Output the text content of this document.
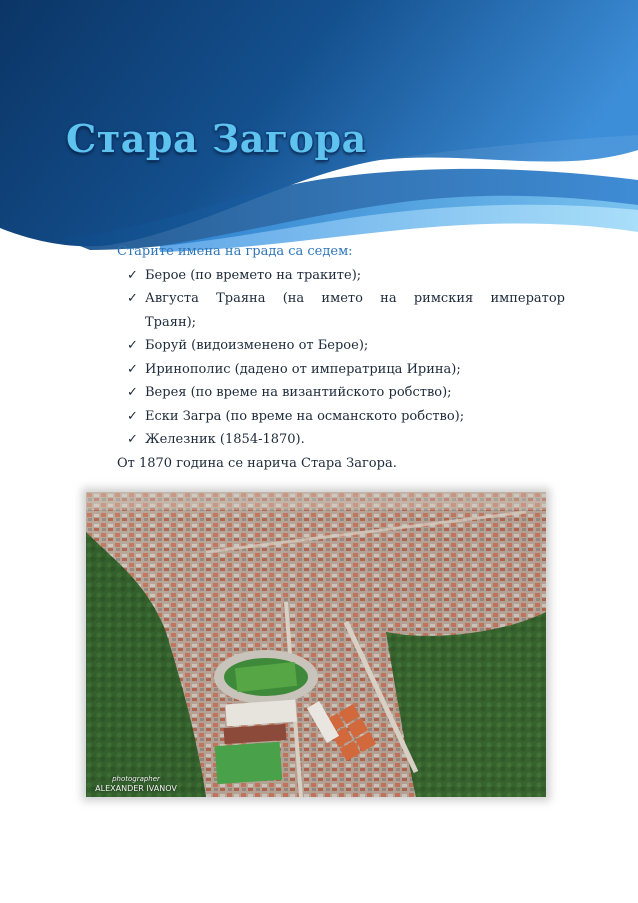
Стара Загора

Старите имена на града са седем:

✓ Берое (по времето на траките);
✓ Августа Траяна (на името на римския император
Траян);
✓ Боруй (видоизменено от Берое);
✓ Иринополис (дадено от императрица Ирина);
✓ Верея (по време на византийското робство);
✓ Ески Загра (по време на османското робство);
✓ Железник (1854-1870).

От 1870 година се нарича Стара Загора.

photographer
ALEXANDER IVANOV
